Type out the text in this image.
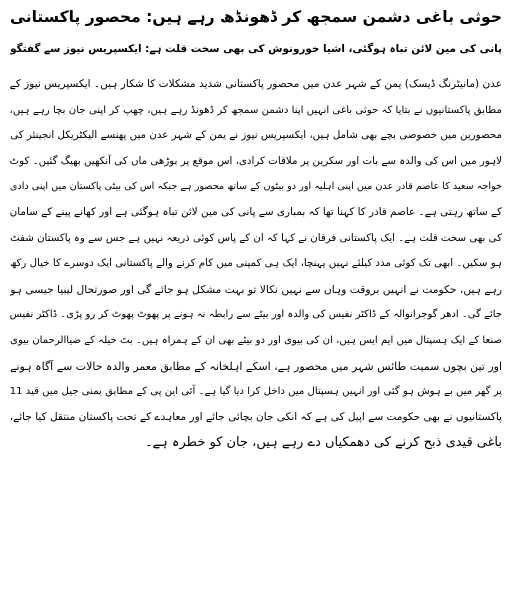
حوثی باغی دشمن سمجھ کر ڈھونڈھ رہے ہیں: محصور پاکستانی
پانی کی مین لائن تباہ ہوگئی، اشیا خورونوش کی بھی سخت قلت ہے: ایکسپریس نیوز سے گفتگو
عدن (مانیٹرنگ ڈیسک) یمن کے شہر عدن میں محصور پاکستانی شدید مشکلات کا شکار ہیں۔ ایکسپریس نیوز کے
مطابق پاکستانیوں نے بتایا کہ حوثی باغی انہیں اپنا دشمن سمجھ کر ڈھونڈ رہے ہیں، چھپ کر اپنی جان بچا رہے ہیں،
محصورین میں خصوصی بچے بھی شامل ہیں، ایکسپریس نیوز نے یمن کے شہر عدن میں پھنسے الیکٹریکل انجینئر کی
لاہور میں اس کی والدہ سے بات اور سکرین پر ملاقات کرادی، اس موقع پر بوڑھی ماں کی آنکھیں بھیگ گئیں۔ کوٹ
خواجہ سعید کا عاصم قادر عدن میں اپنی اہلیہ اور دو بیٹوں کے ساتھ محصور ہے جبکہ اس کی بیٹی پاکستان میں اپنی دادی
کے ساتھ رہتی ہے۔ عاصم قادر کا کہنا تھا کہ بمباری سے پانی کی مین لائن تباہ ہوگئی ہے اور کھانے پینے کے سامان
کی بھی سخت قلت ہے۔ ایک پاکستانی فرقان نے کہا کہ ان کے پاس کوئی ذریعہ نہیں ہے جس سے وہ پاکستان شفٹ
ہو سکیں۔ ابھی تک کوئی مدد کیلئے نہیں پہنچا، ایک ہی کمپنی میں کام کرنے والے پاکستانی ایک دوسرے کا خیال رکھ
رہے ہیں، حکومت نے انہیں بروقت وہاں سے نہیں نکالا تو بہت مشکل ہو جائے گی اور صورتحال لیبیا جیسی ہو
جائے گی۔ ادھر گوجرانوالہ کے ڈاکٹر نفیس کی والدہ اور بیٹے سے رابطہ نہ ہونے پر پھوٹ پھوٹ کر رو پڑی۔ ڈاکٹر نفیس
صنعا کے ایک ہسپتال میں ایم ایس ہیں، ان کی بیوی اور دو بیٹے بھی ان کے ہمراہ ہیں۔ بٹ خیلہ کے ضیاالرحمان بیوی
اور تین بچوں سمیت طائس شہر میں محصور ہے، اسکے اہلخانہ کے مطابق معمر والدہ حالات سے آگاہ ہونے
پر گھر میں بے ہوش ہو گئی اور انہیں ہسپتال میں داخل کرا دیا گیا ہے۔ آئی این پی کے مطابق یمنی جیل میں قید 11
پاکستانیوں نے بھی حکومت سے اپیل کی ہے کہ انکی جان بچائی جائے اور معاہدے کے تحت پاکستان منتقل کیا جائے،
باغی قیدی ذبح کرنے کی دھمکیاں دے رہے ہیں، جان کو خطرہ ہے۔
